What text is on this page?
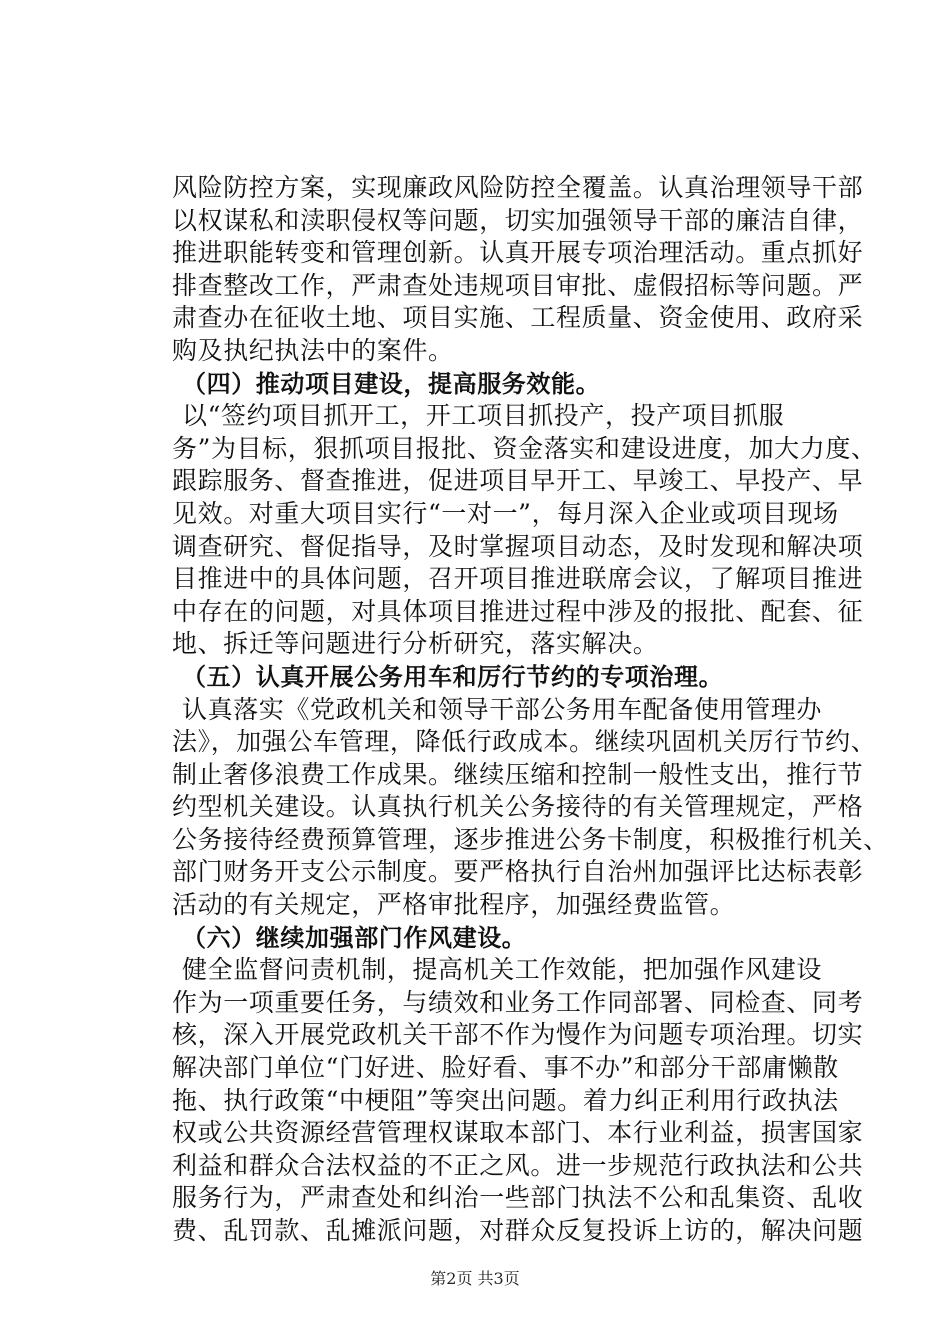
风险防控方案，实现廉政风险防控全覆盖。认真治理领导干部
以权谋私和渎职侵权等问题，切实加强领导干部的廉洁自律，
推进职能转变和管理创新。认真开展专项治理活动。重点抓好
排查整改工作，严肃查处违规项目审批、虚假招标等问题。严
肃查办在征收土地、项目实施、工程质量、资金使用、政府采
购及执纪执法中的案件。
（四）推动项目建设，提高服务效能。
以“签约项目抓开工，开工项目抓投产，投产项目抓服
务”为目标，狠抓项目报批、资金落实和建设进度，加大力度、
跟踪服务、督查推进，促进项目早开工、早竣工、早投产、早
见效。对重大项目实行“一对一”，每月深入企业或项目现场
调查研究、督促指导，及时掌握项目动态，及时发现和解决项
目推进中的具体问题，召开项目推进联席会议，了解项目推进
中存在的问题，对具体项目推进过程中涉及的报批、配套、征
地、拆迁等问题进行分析研究，落实解决。
（五）认真开展公务用车和厉行节约的专项治理。
认真落实《党政机关和领导干部公务用车配备使用管理办
法》，加强公车管理，降低行政成本。继续巩固机关厉行节约、
制止奢侈浪费工作成果。继续压缩和控制一般性支出，推行节
约型机关建设。认真执行机关公务接待的有关管理规定，严格
公务接待经费预算管理，逐步推进公务卡制度，积极推行机关、
部门财务开支公示制度。要严格执行自治州加强评比达标表彰
活动的有关规定，严格审批程序，加强经费监管。
（六）继续加强部门作风建设。
健全监督问责机制，提高机关工作效能，把加强作风建设
作为一项重要任务，与绩效和业务工作同部署、同检查、同考
核，深入开展党政机关干部不作为慢作为问题专项治理。切实
解决部门单位“门好进、脸好看、事不办”和部分干部庸懒散
拖、执行政策“中梗阻”等突出问题。着力纠正利用行政执法
权或公共资源经营管理权谋取本部门、本行业利益，损害国家
利益和群众合法权益的不正之风。进一步规范行政执法和公共
服务行为，严肃查处和纠治一些部门执法不公和乱集资、乱收
费、乱罚款、乱摊派问题，对群众反复投诉上访的，解决问题
第2页 共3页
